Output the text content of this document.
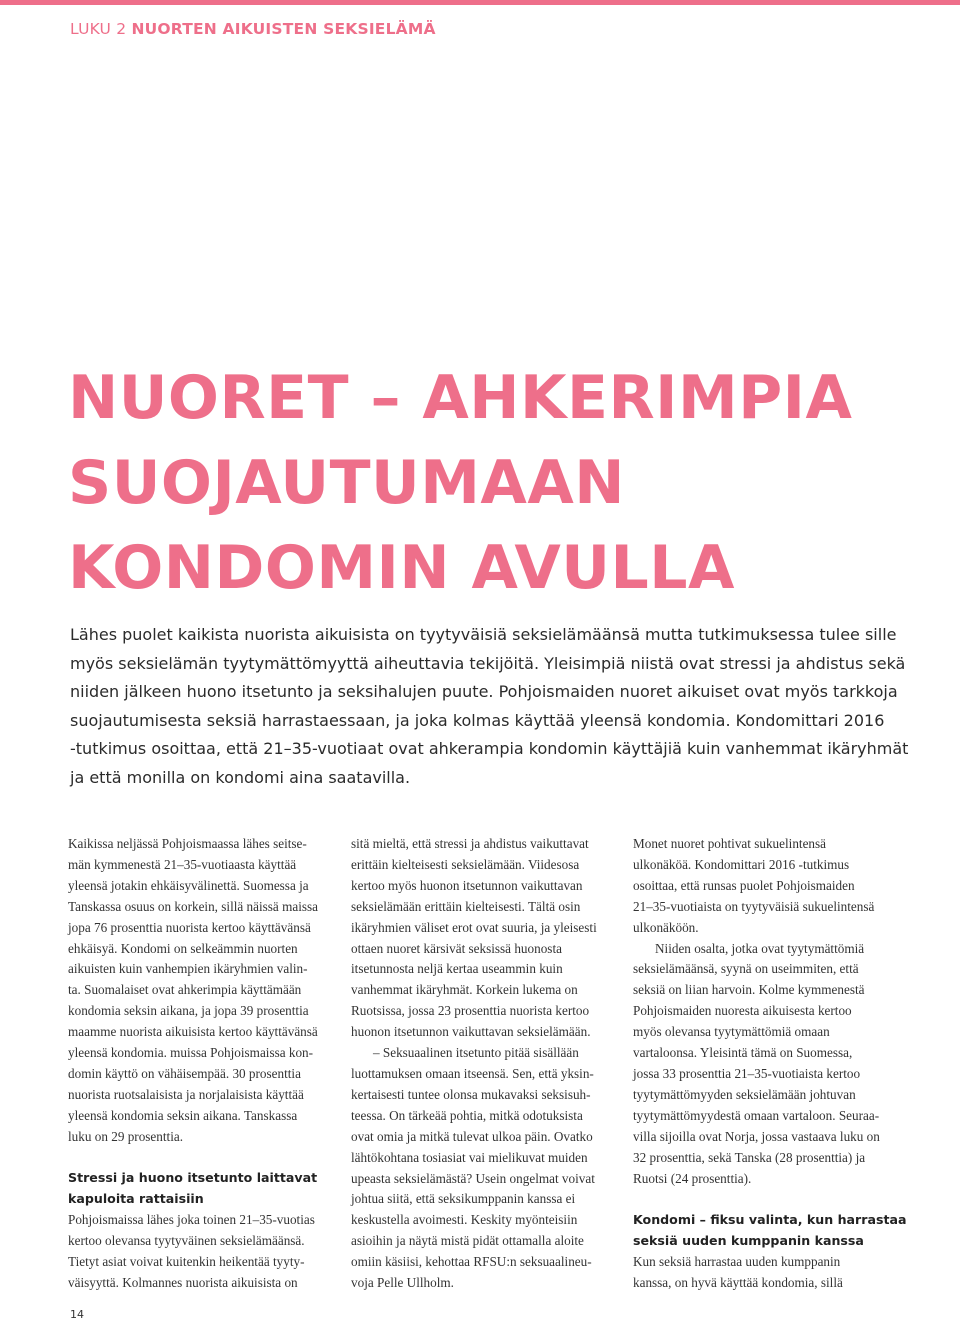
LUKU 2 NUORTEN AIKUISTEN SEKSIELÄMÄ
NUORET – AHKERIMPIA
SUOJAUTUMAAN
KONDOMIN AVULLA
Lähes puolet kaikista nuorista aikuisista on tyytyväisiä seksielämäänsä mutta tutkimuksessa tulee sille
myös seksielämän tyytymättömyyttä aiheuttavia tekijöitä. Yleisimpiä niistä ovat stressi ja ahdistus sekä
niiden jälkeen huono itsetunto ja seksihalujen puute. Pohjoismaiden nuoret aikuiset ovat myös tarkkoja
suojautumisesta seksiä harrastaessaan, ja joka kolmas käyttää yleensä kondomia. Kondomittari 2016
-tutkimus osoittaa, että 21–35-vuotiaat ovat ahkerampia kondomin käyttäjiä kuin vanhemmat ikäryhmät
ja että monilla on kondomi aina saatavilla.
Kaikissa neljässä Pohjoismaassa lähes seitse-
män kymmenestä 21–35-vuotiaasta käyttää
yleensä jotakin ehkäisyvälinettä. Suomessa ja
Tanskassa osuus on korkein, sillä näissä maissa
jopa 76 prosenttia nuorista kertoo käyttävänsä
ehkäisyä. Kondomi on selkeämmin nuorten
aikuisten kuin vanhempien ikäryhmien valin-
ta. Suomalaiset ovat ahkerimpia käyttämään
kondomia seksin aikana, ja jopa 39 prosenttia
maamme nuorista aikuisista kertoo käyttävänsä
yleensä kondomia. muissa Pohjoismaissa kon-
domin käyttö on vähäisempää. 30 prosenttia
nuorista ruotsalaisista ja norjalaisista käyttää
yleensä kondomia seksin aikana. Tanskassa
luku on 29 prosenttia.
Stressi ja huono itsetunto laittavat
kapuloita rattaisiin
Pohjoismaissa lähes joka toinen 21–35-vuotias
kertoo olevansa tyytyväinen seksielämäänsä.
Tietyt asiat voivat kuitenkin heikentää tyyty-
väisyyttä. Kolmannes nuorista aikuisista on
sitä mieltä, että stressi ja ahdistus vaikuttavat
erittäin kielteisesti seksielämään. Viidesosa
kertoo myös huonon itsetunnon vaikuttavan
seksielämään erittäin kielteisesti. Tältä osin
ikäryhmien väliset erot ovat suuria, ja yleisesti
ottaen nuoret kärsivät seksissä huonosta
itsetunnosta neljä kertaa useammin kuin
vanhemmat ikäryhmät. Korkein lukema on
Ruotsissa, jossa 23 prosenttia nuorista kertoo
huonon itsetunnon vaikuttavan seksielämään.
– Seksuaalinen itsetunto pitää sisällään
luottamuksen omaan itseensä. Sen, että yksin-
kertaisesti tuntee olonsa mukavaksi seksisuh-
teessa. On tärkeää pohtia, mitkä odotuksista
ovat omia ja mitkä tulevat ulkoa päin. Ovatko
lähtökohtana tosiasiat vai mielikuvat muiden
upeasta seksielämästä? Usein ongelmat voivat
johtua siitä, että seksikumppanin kanssa ei
keskustella avoimesti. Keskity myönteisiin
asioihin ja näytä mistä pidät ottamalla aloite
omiin käsiisi, kehottaa RFSU:n seksuaalineu-
voja Pelle Ullholm.
Monet nuoret pohtivat sukuelintensä
ulkonäköä. Kondomittari 2016 -tutkimus
osoittaa, että runsas puolet Pohjoismaiden
21–35-vuotiaista on tyytyväisiä sukuelintensä
ulkonäköön.
Niiden osalta, jotka ovat tyytymättömiä
seksielämäänsä, syynä on useimmiten, että
seksiä on liian harvoin. Kolme kymmenestä
Pohjoismaiden nuoresta aikuisesta kertoo
myös olevansa tyytymättömiä omaan
vartaloonsa. Yleisintä tämä on Suomessa,
jossa 33 prosenttia 21–35-vuotiaista kertoo
tyytymättömyyden seksielämään johtuvan
tyytymättömyydestä omaan vartaloon. Seuraa-
villa sijoilla ovat Norja, jossa vastaava luku on
32 prosenttia, sekä Tanska (28 prosenttia) ja
Ruotsi (24 prosenttia).
Kondomi – fiksu valinta, kun harrastaa
seksiä uuden kumppanin kanssa
Kun seksiä harrastaa uuden kumppanin
kanssa, on hyvä käyttää kondomia, sillä
14
